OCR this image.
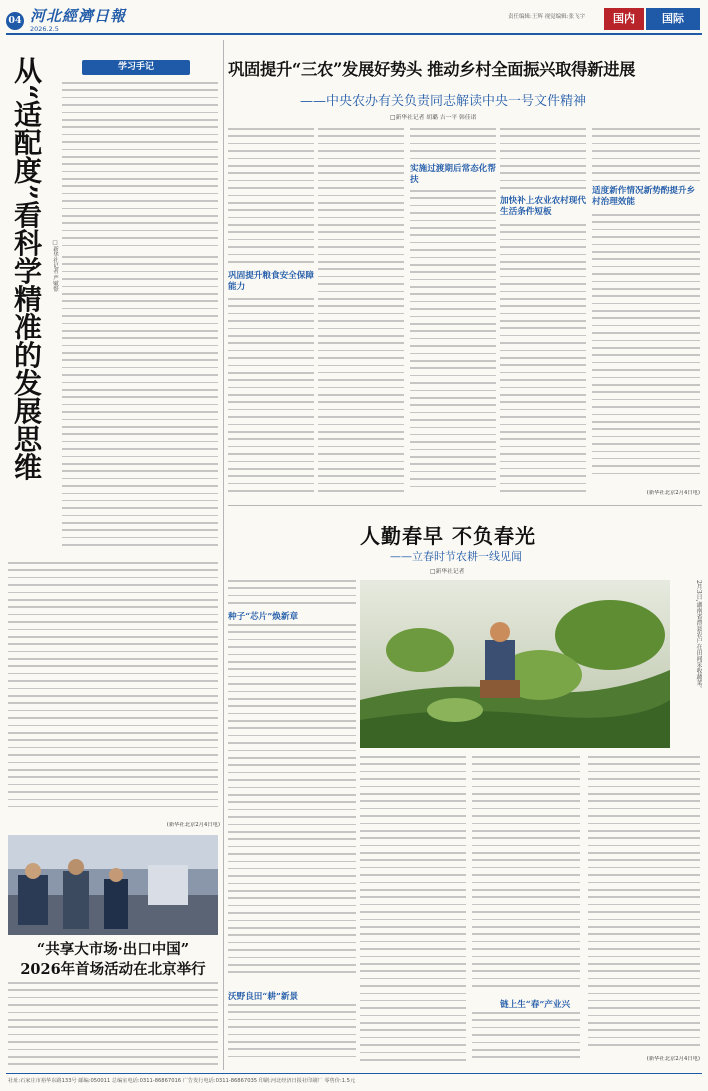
04 河北經濟日報
2026.2.5
责任编辑:王辉 视觉编辑:张飞宇	国内	国际
学习手记
从“适配度”看科学精准的发展思维	□新华社记者 严赋憬
(新华社北京2月4日电)
“共享大市场·出口中国”
2026年首场活动在北京举行
巩固提升“三农”发展好势头 推动乡村全面振兴取得新进展
——中央农办有关负责同志解读中央一号文件精神
□新华社记者 胡璐 吉一平 韩佳诺
巩固提升粮食安全保障能力
实施过渡期后常态化帮扶
加快补上农业农村现代生活条件短板
适度新作情况新势酌提升乡村治理效能
(新华社北京2月4日电)
人勤春早 不负春光
——立春时节农耕一线见闻
□新华社记者
种子“芯片”焕新章
沃野良田“耕”新景
2月3日,湖南省澧县农户在田间采收蔬菜。
链上生“春”产业兴
(新华社北京2月4日电)
社址:石家庄市裕华东路133号 邮编:050011 总编室电话:0311-86867016 广告发行电话:0311-86867035 印刷:河北经济日报社印刷厂 零售价:1.5元
